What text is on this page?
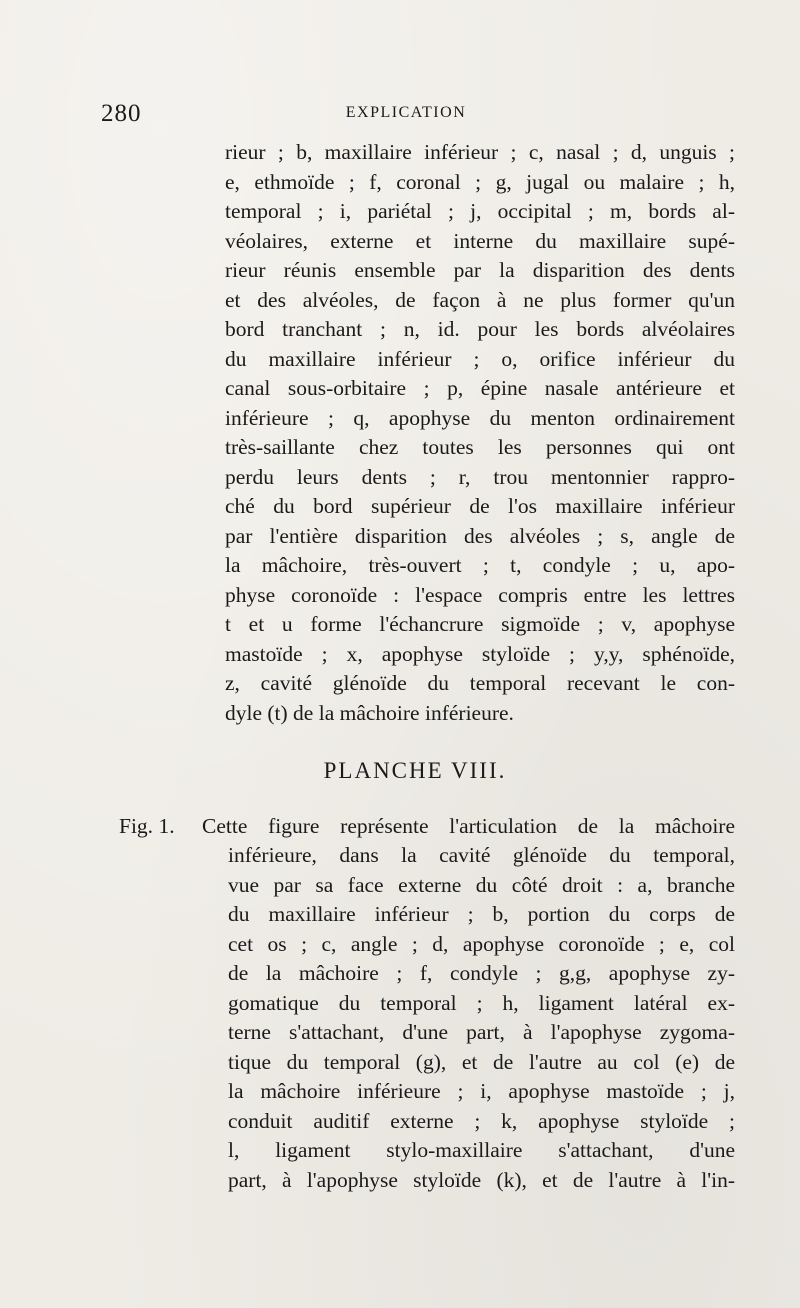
280	EXPLICATION
rieur ; b, maxillaire inférieur ; c, nasal ; d, unguis ;
e, ethmoïde ; f, coronal ; g, jugal ou malaire ; h,
temporal ; i, pariétal ; j, occipital ; m, bords al-
véolaires, externe et interne du maxillaire supé-
rieur réunis ensemble par la disparition des dents
et des alvéoles, de façon à ne plus former qu'un
bord tranchant ; n, id. pour les bords alvéolaires
du maxillaire inférieur ; o, orifice inférieur du
canal sous-orbitaire ; p, épine nasale antérieure et
inférieure ; q, apophyse du menton ordinairement
très-saillante chez toutes les personnes qui ont
perdu leurs dents ; r, trou mentonnier rappro-
ché du bord supérieur de l'os maxillaire inférieur
par l'entière disparition des alvéoles ; s, angle de
la mâchoire, très-ouvert ; t, condyle ; u, apo-
physe coronoïde : l'espace compris entre les lettres
t et u forme l'échancrure sigmoïde ; v, apophyse
mastoïde ; x, apophyse styloïde ; y,y, sphénoïde,
z, cavité glénoïde du temporal recevant le con-
dyle (t) de la mâchoire inférieure.
PLANCHE VIII.
Fig. 1. Cette figure représente l'articulation de la mâchoire
inférieure, dans la cavité glénoïde du temporal,
vue par sa face externe du côté droit : a, branche
du maxillaire inférieur ; b, portion du corps de
cet os ; c, angle ; d, apophyse coronoïde ; e, col
de la mâchoire ; f, condyle ; g,g, apophyse zy-
gomatique du temporal ; h, ligament latéral ex-
terne s'attachant, d'une part, à l'apophyse zygoma-
tique du temporal (g), et de l'autre au col (e) de
la mâchoire inférieure ; i, apophyse mastoïde ; j,
conduit auditif externe ; k, apophyse styloïde ;
l, ligament stylo-maxillaire s'attachant, d'une
part, à l'apophyse styloïde (k), et de l'autre à l'in-
